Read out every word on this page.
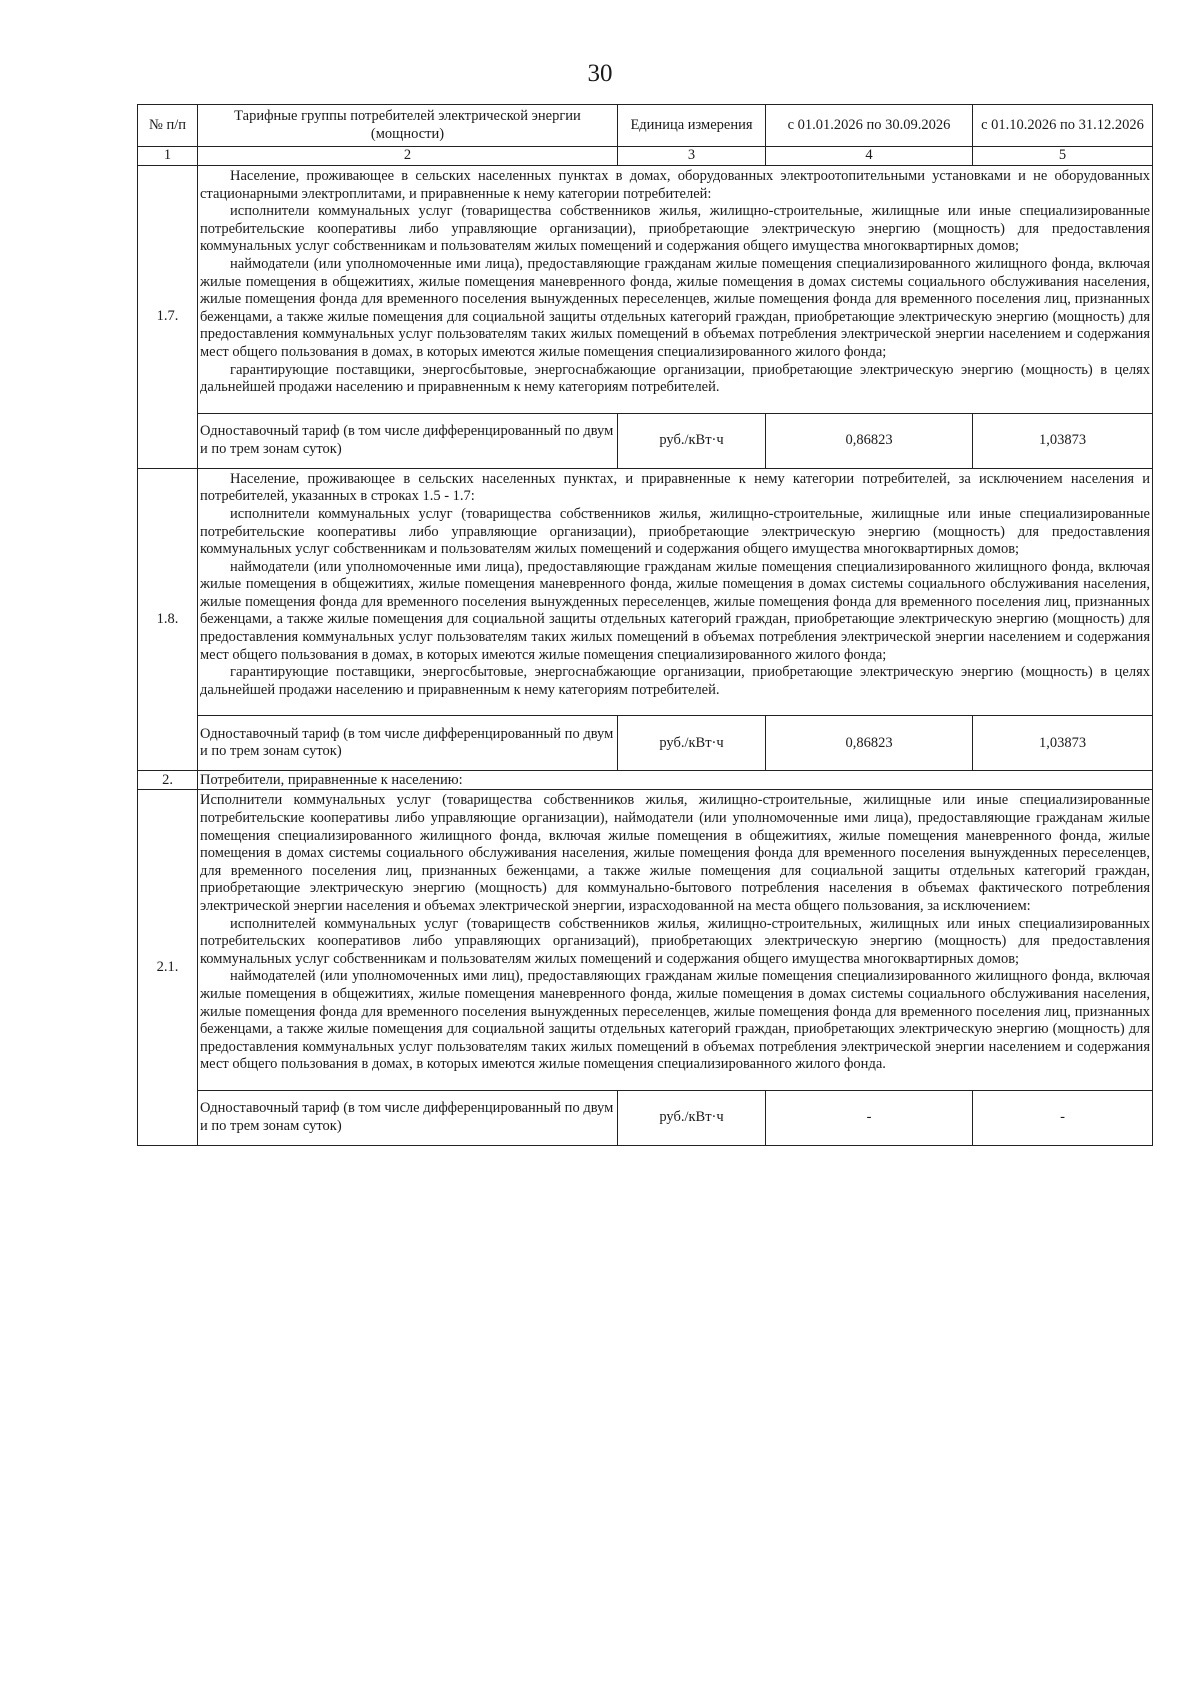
30
№ п/п	Тарифные группы потребителей электрической энергии (мощности)	Единица измерения	с 01.01.2026 по 30.09.2026	с 01.10.2026 по 31.12.2026
1	2	3	4	5
1.7.	Население, проживающее в сельских населенных пунктах в домах, оборудованных электроотопительными установками и не оборудованных стационарными электроплитами, и приравненные к нему категории потребителей:

исполнители коммунальных услуг (товарищества собственников жилья, жилищно-строительные, жилищные или иные специализированные потребительские кооперативы либо управляющие организации), приобретающие электрическую энергию (мощность) для предоставления коммунальных услуг собственникам и пользователям жилых помещений и содержания общего имущества многоквартирных домов;

наймодатели (или уполномоченные ими лица), предоставляющие гражданам жилые помещения специализированного жилищного фонда, включая жилые помещения в общежитиях, жилые помещения маневренного фонда, жилые помещения в домах системы социального обслуживания населения, жилые помещения фонда для временного поселения вынужденных переселенцев, жилые помещения фонда для временного поселения лиц, признанных беженцами, а также жилые помещения для социальной защиты отдельных категорий граждан, приобретающие электрическую энергию (мощность) для предоставления коммунальных услуг пользователям таких жилых помещений в объемах потребления электрической энергии населением и содержания мест общего пользования в домах, в которых имеются жилые помещения специализированного жилого фонда;

гарантирующие поставщики, энергосбытовые, энергоснабжающие организации, приобретающие электрическую энергию (мощность) в целях дальнейшей продажи населению и приравненным к нему категориям потребителей.			

	Одноставочный тариф (в том числе дифференцированный по двум и по трем зонам суток)	руб./кВт·ч	0,86823	1,03873
1.8.	Население, проживающее в сельских населенных пунктах, и приравненные к нему категории потребителей, за исключением населения и потребителей, указанных в строках 1.5 - 1.7:

исполнители коммунальных услуг (товарищества собственников жилья, жилищно-строительные, жилищные или иные специализированные потребительские кооперативы либо управляющие организации), приобретающие электрическую энергию (мощность) для предоставления коммунальных услуг собственникам и пользователям жилых помещений и содержания общего имущества многоквартирных домов;

наймодатели (или уполномоченные ими лица), предоставляющие гражданам жилые помещения специализированного жилищного фонда, включая жилые помещения в общежитиях, жилые помещения маневренного фонда, жилые помещения в домах системы социального обслуживания населения, жилые помещения фонда для временного поселения вынужденных переселенцев, жилые помещения фонда для временного поселения лиц, признанных беженцами, а также жилые помещения для социальной защиты отдельных категорий граждан, приобретающие электрическую энергию (мощность) для предоставления коммунальных услуг пользователям таких жилых помещений в объемах потребления электрической энергии населением и содержания мест общего пользования в домах, в которых имеются жилые помещения специализированного жилого фонда;

гарантирующие поставщики, энергосбытовые, энергоснабжающие организации, приобретающие электрическую энергию (мощность) в целях дальнейшей продажи населению и приравненным к нему категориям потребителей.			

	Одноставочный тариф (в том числе дифференцированный по двум и по трем зонам суток)	руб./кВт·ч	0,86823	1,03873
2.	Потребители, приравненные к населению:			
2.1.	Исполнители коммунальных услуг (товарищества собственников жилья, жилищно-строительные, жилищные или иные специализированные потребительские кооперативы либо управляющие организации), наймодатели (или уполномоченные ими лица), предоставляющие гражданам жилые помещения специализированного жилищного фонда, включая жилые помещения в общежитиях, жилые помещения маневренного фонда, жилые помещения в домах системы социального обслуживания населения, жилые помещения фонда для временного поселения вынужденных переселенцев, для временного поселения лиц, признанных беженцами, а также жилые помещения для социальной защиты отдельных категорий граждан, приобретающие электрическую энергию (мощность) для коммунально-бытового потребления населения в объемах фактического потребления электрической энергии населения и объемах электрической энергии, израсходованной на места общего пользования, за исключением:

исполнителей коммунальных услуг (товариществ собственников жилья, жилищно-строительных, жилищных или иных специализированных потребительских кооперативов либо управляющих организаций), приобретающих электрическую энергию (мощность) для предоставления коммунальных услуг собственникам и пользователям жилых помещений и содержания общего имущества многоквартирных домов;

наймодателей (или уполномоченных ими лиц), предоставляющих гражданам жилые помещения специализированного жилищного фонда, включая жилые помещения в общежитиях, жилые помещения маневренного фонда, жилые помещения в домах системы социального обслуживания населения, жилые помещения фонда для временного поселения вынужденных переселенцев, жилые помещения фонда для временного поселения лиц, признанных беженцами, а также жилые помещения для социальной защиты отдельных категорий граждан, приобретающих электрическую энергию (мощность) для предоставления коммунальных услуг пользователям таких жилых помещений в объемах потребления электрической энергии населением и содержания мест общего пользования в домах, в которых имеются жилые помещения специализированного жилого фонда.			

	Одноставочный тариф (в том числе дифференцированный по двум и по трем зонам суток)	руб./кВт·ч	-	-
